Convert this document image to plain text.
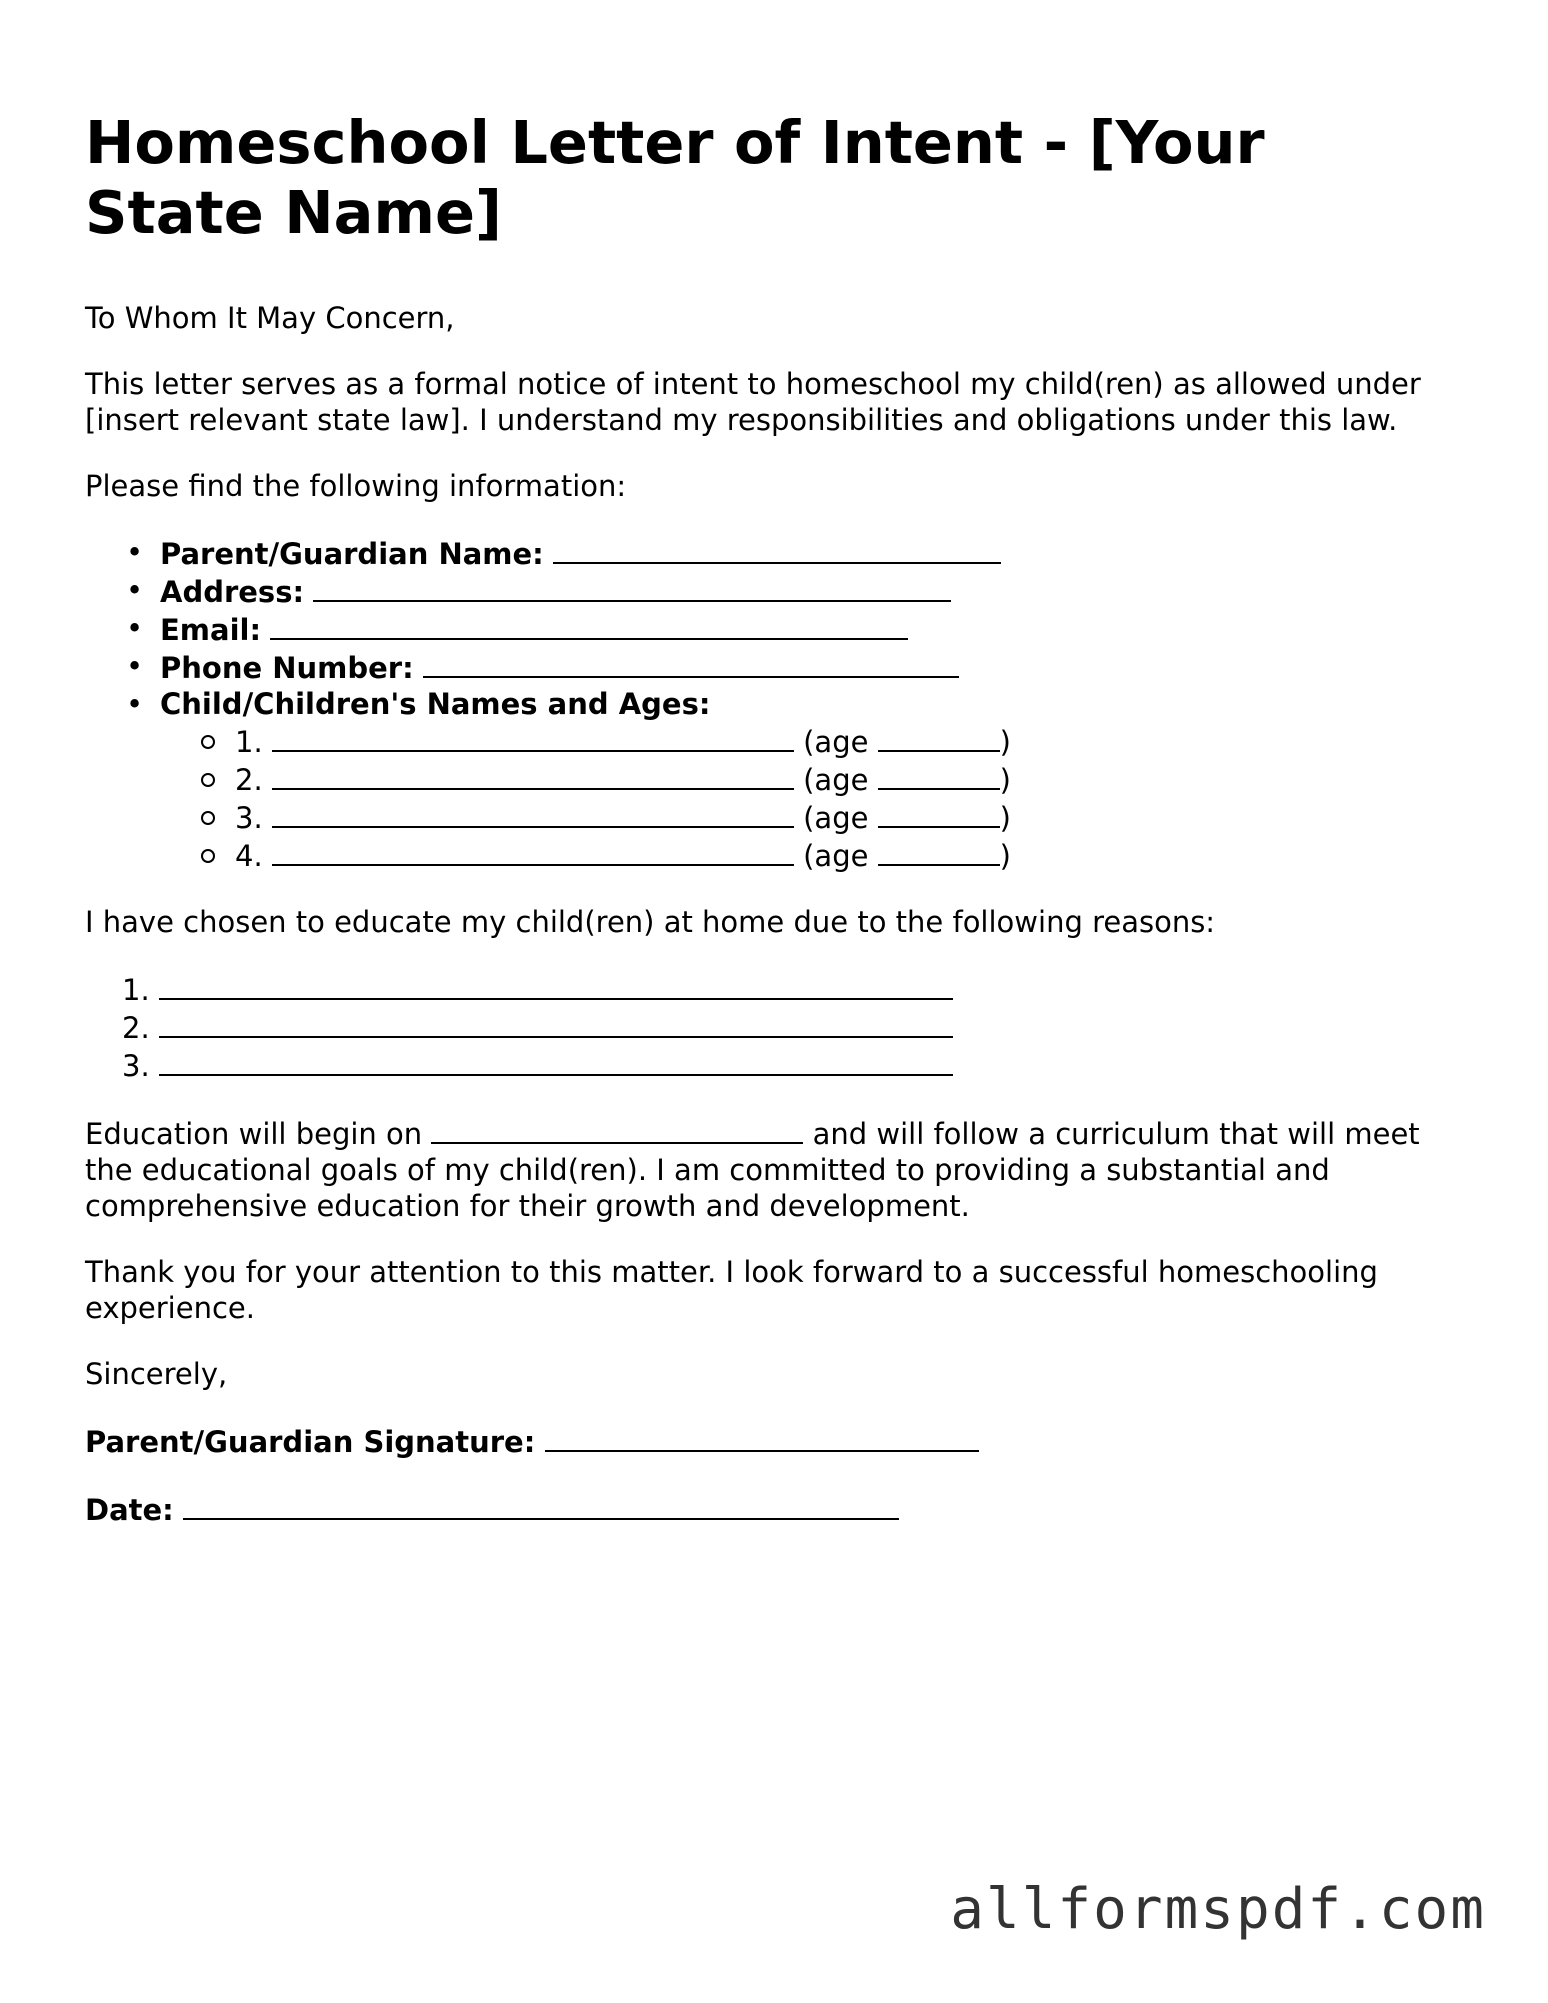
Homeschool Letter of Intent - [Your State Name]

To Whom It May Concern,

This letter serves as a formal notice of intent to homeschool my child(ren) as allowed under [insert relevant state law]. I understand my responsibilities and obligations under this law.

Please find the following information:

• Parent/Guardian Name:
• Address:
• Email:
• Phone Number:
• Child/Children's Names and Ages:
1.	(age	)
2.	(age	)
3.	(age	)
4.	(age	)

I have chosen to educate my child(ren) at home due to the following reasons:

1.
2.
3.

Education will begin on	and will follow a curriculum that will meet the educational goals of my child(ren). I am committed to providing a substantial and comprehensive education for their growth and development.

Thank you for your attention to this matter. I look forward to a successful homeschooling experience.

Sincerely,

Parent/Guardian Signature:

Date:

allformspdf.com
